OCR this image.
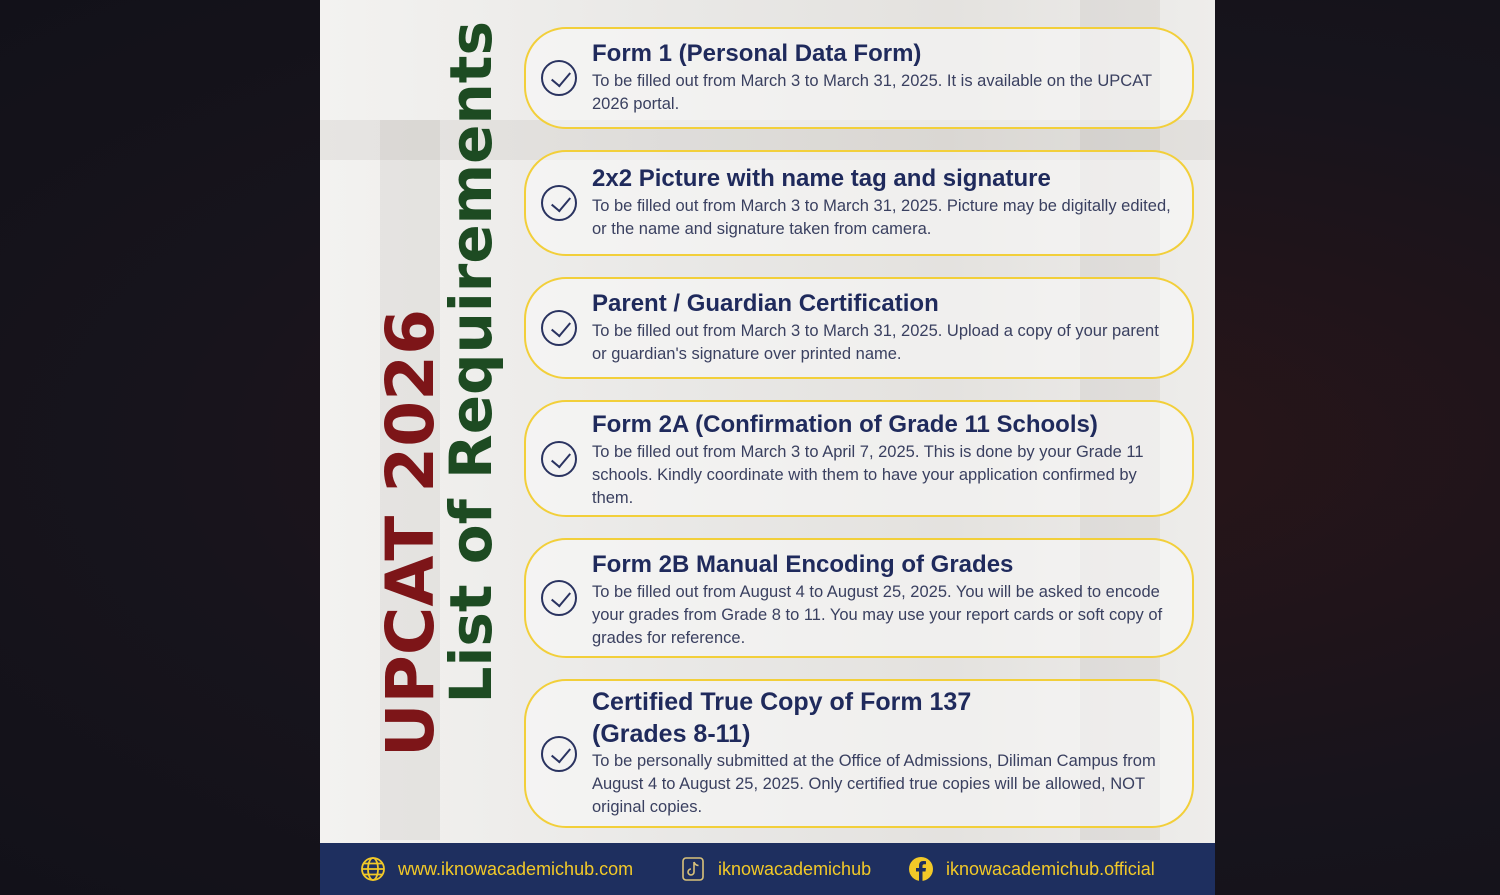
UPCAT 2026
List of Requirements	Form 1 (Personal Data Form)
To be filled out from March 3 to March 31, 2025. It is available on the UPCAT 2026 portal.
2x2 Picture with name tag and signature
To be filled out from March 3 to March 31, 2025. Picture may be digitally edited, or the name and signature taken from camera.
Parent / Guardian Certification
To be filled out from March 3 to March 31, 2025. Upload a copy of your parent or guardian's signature over printed name.
Form 2A (Confirmation of Grade 11 Schools)
To be filled out from March 3 to April 7, 2025. This is done by your Grade 11 schools. Kindly coordinate with them to have your application confirmed by them.
Form 2B Manual Encoding of Grades
To be filled out from August 4 to August 25, 2025. You will be asked to encode your grades from Grade 8 to 11. You may use your report cards or soft copy of grades for reference.
Certified True Copy of Form 137 (Grades 8-11)
To be personally submitted at the Office of Admissions, Diliman Campus from August 4 to August 25, 2025. Only certified true copies will be allowed, NOT original copies.
www.iknowacademichub.com	iknowacademichub	iknowacademichub.official
